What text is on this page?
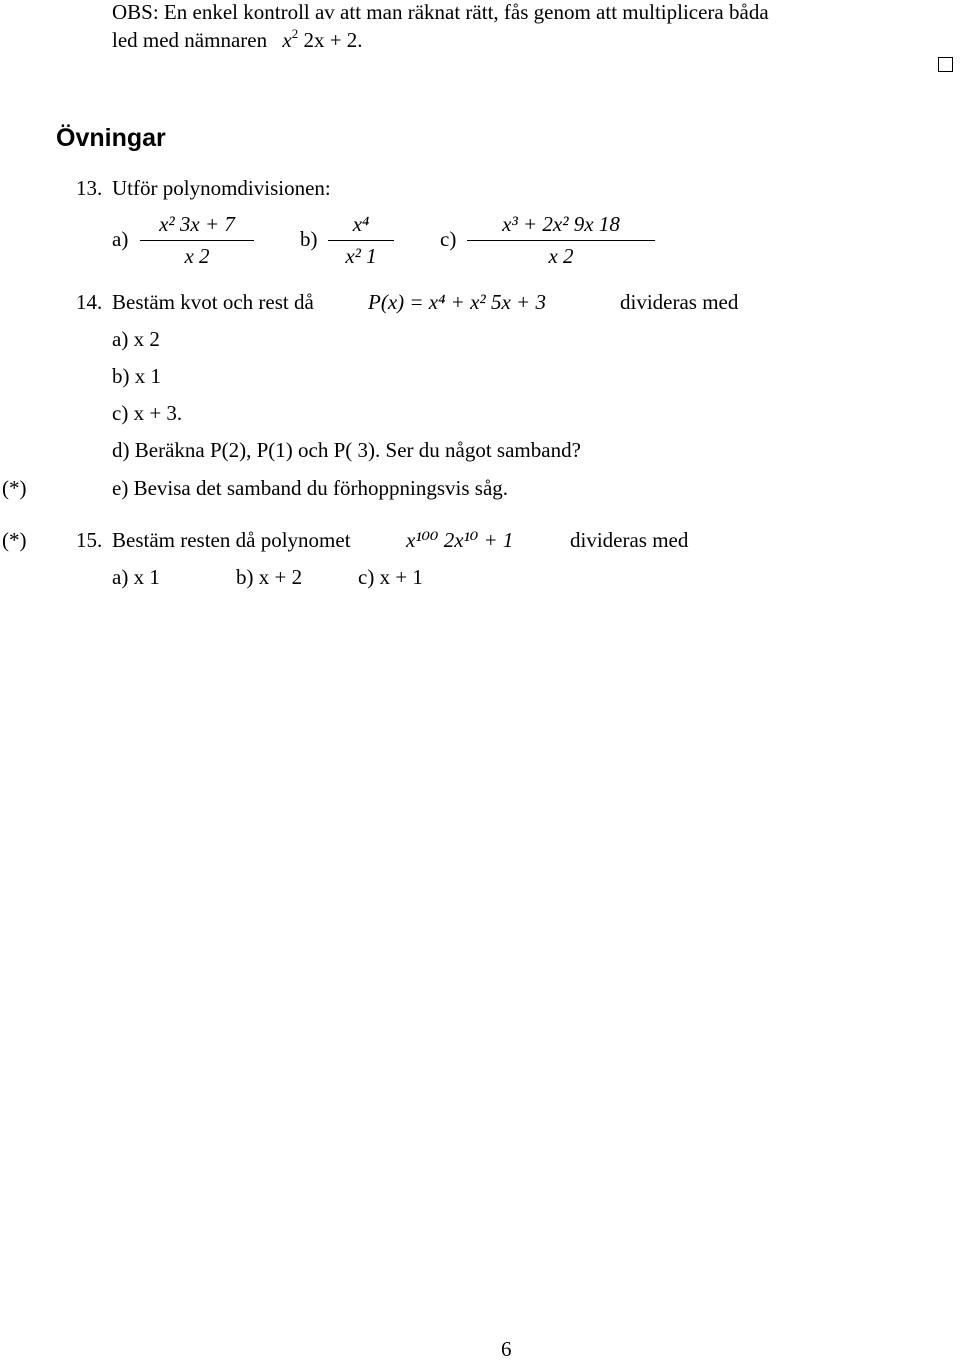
OBS: En enkel kontroll av att man räknat rätt, fås genom att multiplicera båda
led med nämnaren $x^2$ 2x + 2.
Övningar
13. Utför polynomdivisionen:
$a) \frac{\text{x² 3x + 7}}{x 2} b) \frac{\text{x⁴}}{\text{x² 1}} c) \frac{\text{x³ + 2x² 9x 18}}{x 2}$
14. Bestäm kvot och rest då	P(x) = x⁴ + x² 5x + 3	divideras med
a) x 2
b) x 1
c) x + 3.
d) Beräkna P(2), P(1) och P( 3). Ser du något samband?
(*)	e) Bevisa det samband du förhoppningsvis såg.
(*) 15. Bestäm resten då polynomet	x¹⁰⁰ 2x¹⁰ + 1	divideras med
a) x 1	b) x + 2	c) x + 1
6
